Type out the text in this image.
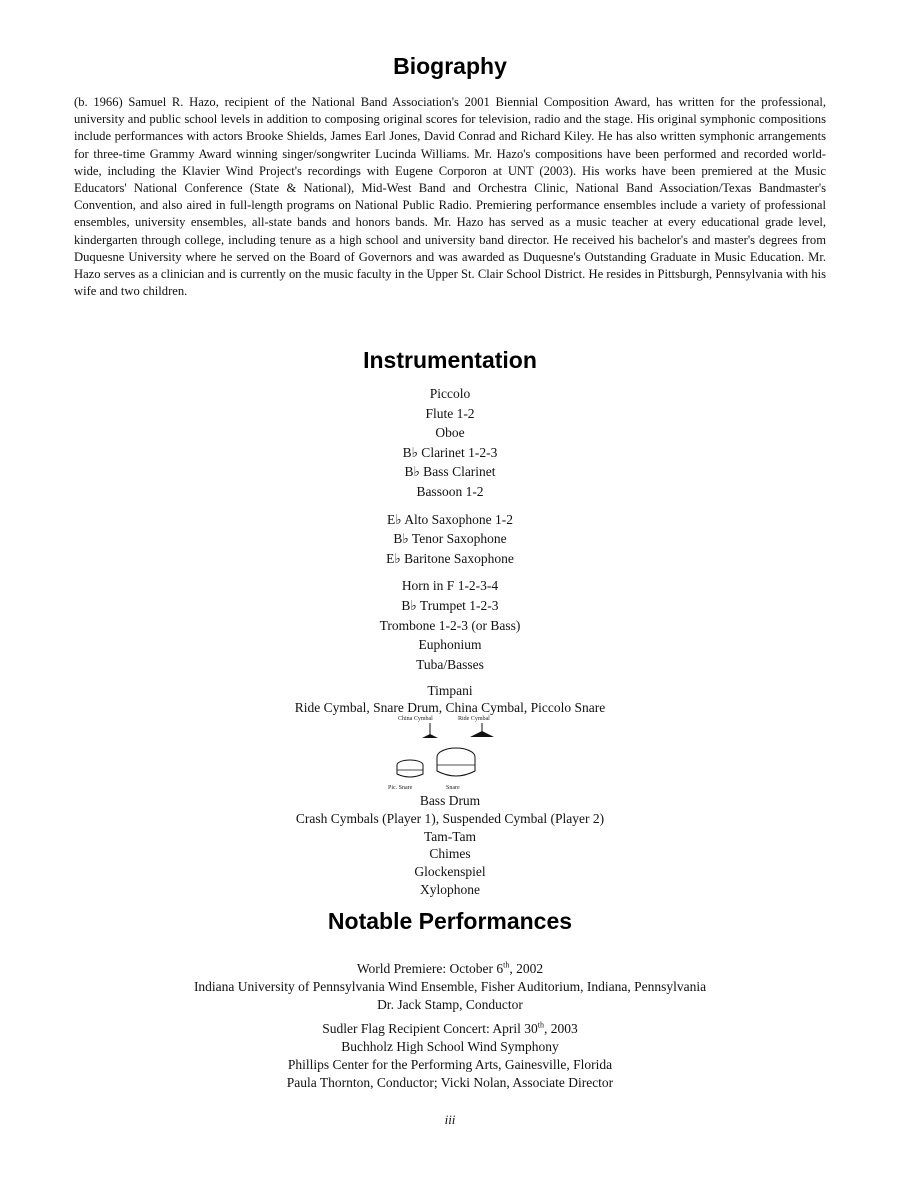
Biography

(b. 1966) Samuel R. Hazo, recipient of the National Band Association's 2001 Biennial Composition Award, has written for the professional, university and public school levels in addition to composing original scores for television, radio and the stage. His original symphonic compositions include performances with actors Brooke Shields, James Earl Jones, David Conrad and Richard Kiley. He has also written symphonic arrangements for three-time Grammy Award winning singer/songwriter Lucinda Williams. Mr. Hazo's compositions have been performed and recorded world-wide, including the Klavier Wind Project's recordings with Eugene Corporon at UNT (2003). His works have been premiered at the Music Educators' National Conference (State & National), Mid-West Band and Orchestra Clinic, National Band Association/Texas Bandmaster's Convention, and also aired in full-length programs on National Public Radio. Premiering performance ensembles include a variety of professional ensembles, university ensembles, all-state bands and honors bands. Mr. Hazo has served as a music teacher at every educational grade level, kindergarten through college, including tenure as a high school and university band director. He received his bachelor's and master's degrees from Duquesne University where he served on the Board of Governors and was awarded as Duquesne's Outstanding Graduate in Music Education. Mr. Hazo serves as a clinician and is currently on the music faculty in the Upper St. Clair School District. He resides in Pittsburgh, Pennsylvania with his wife and two children.

Instrumentation
Piccolo
Flute 1-2
Oboe
B♭ Clarinet 1-2-3
B♭ Bass Clarinet
Bassoon 1-2
E♭ Alto Saxophone 1-2
B♭ Tenor Saxophone
E♭ Baritone Saxophone
Horn in F 1-2-3-4
B♭ Trumpet 1-2-3
Trombone 1-2-3 (or Bass)
Euphonium
Tuba/Basses
Timpani
Ride Cymbal, Snare Drum, China Cymbal, Piccolo Snare
China Cymbal	Ride Cymbal
Pic. Snare	Snare
Bass Drum
Crash Cymbals (Player 1), Suspended Cymbal (Player 2)
Tam-Tam
Chimes
Glockenspiel
Xylophone
Notable Performances
World Premiere: October 6th, 2002
Indiana University of Pennsylvania Wind Ensemble, Fisher Auditorium, Indiana, Pennsylvania
Dr. Jack Stamp, Conductor
Sudler Flag Recipient Concert: April 30th, 2003
Buchholz High School Wind Symphony
Phillips Center for the Performing Arts, Gainesville, Florida
Paula Thornton, Conductor; Vicki Nolan, Associate Director
iii
